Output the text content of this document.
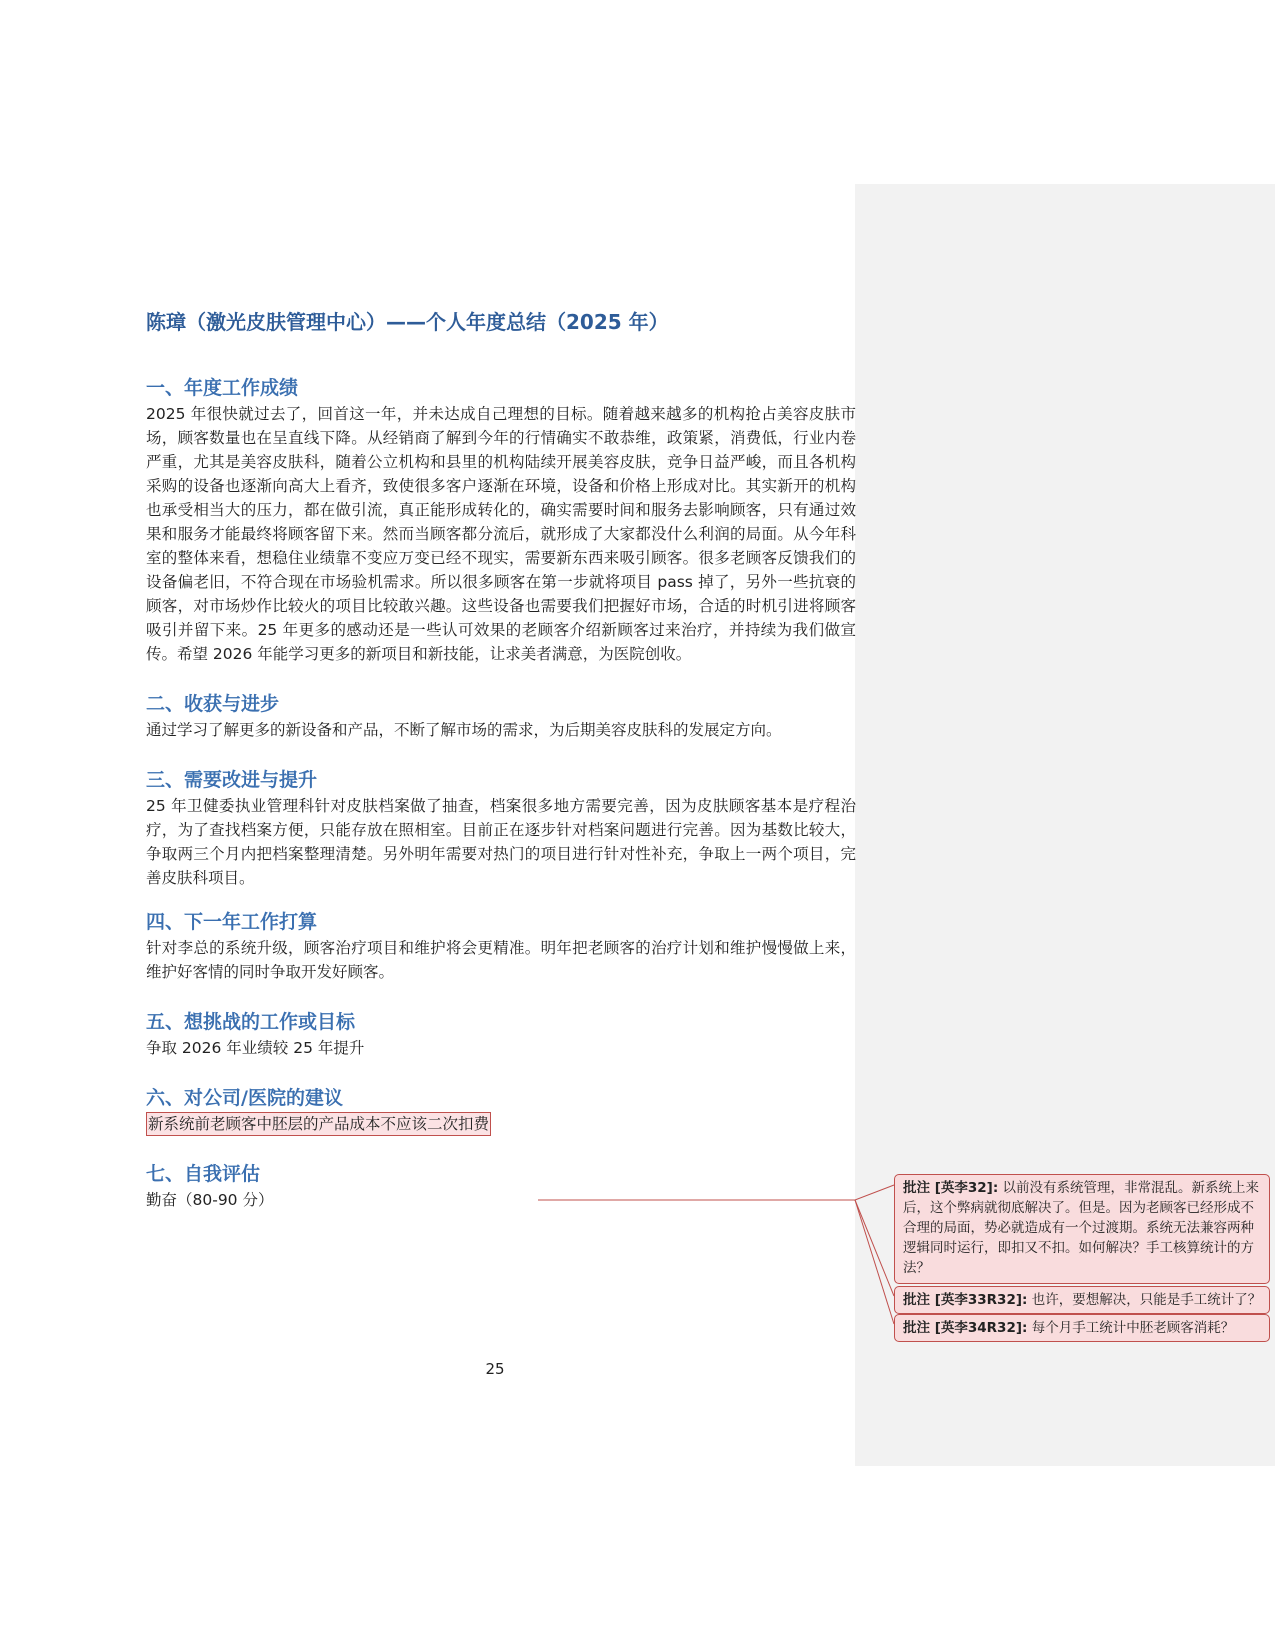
陈璋（激光皮肤管理中心）——个人年度总结（2025 年）
一、年度工作成绩

2025 年很快就过去了，回首这一年，并未达成自己理想的目标。随着越来越多的机构抢占美容皮肤市场，顾客数量也在呈直线下降。从经销商了解到今年的行情确实不敢恭维，政策紧，消费低，行业内卷严重，尤其是美容皮肤科，随着公立机构和县里的机构陆续开展美容皮肤，竞争日益严峻，而且各机构采购的设备也逐渐向高大上看齐，致使很多客户逐渐在环境，设备和价格上形成对比。其实新开的机构也承受相当大的压力，都在做引流，真正能形成转化的，确实需要时间和服务去影响顾客，只有通过效果和服务才能最终将顾客留下来。然而当顾客都分流后，就形成了大家都没什么利润的局面。从今年科室的整体来看，想稳住业绩靠不变应万变已经不现实，需要新东西来吸引顾客。很多老顾客反馈我们的设备偏老旧，不符合现在市场验机需求。所以很多顾客在第一步就将项目 pass 掉了，另外一些抗衰的顾客，对市场炒作比较火的项目比较敢兴趣。这些设备也需要我们把握好市场，合适的时机引进将顾客吸引并留下来。25 年更多的感动还是一些认可效果的老顾客介绍新顾客过来治疗，并持续为我们做宣传。希望 2026 年能学习更多的新项目和新技能，让求美者满意，为医院创收。

二、收获与进步

通过学习了解更多的新设备和产品，不断了解市场的需求，为后期美容皮肤科的发展定方向。

三、需要改进与提升

25 年卫健委执业管理科针对皮肤档案做了抽查，档案很多地方需要完善，因为皮肤顾客基本是疗程治疗，为了查找档案方便，只能存放在照相室。目前正在逐步针对档案问题进行完善。因为基数比较大，争取两三个月内把档案整理清楚。另外明年需要对热门的项目进行针对性补充，争取上一两个项目，完善皮肤科项目。

四、下一年工作打算

针对李总的系统升级，顾客治疗项目和维护将会更精准。明年把老顾客的治疗计划和维护慢慢做上来，维护好客情的同时争取开发好顾客。

五、想挑战的工作或目标

争取 2026 年业绩较 25 年提升

六、对公司/医院的建议

新系统前老顾客中胚层的产品成本不应该二次扣费

七、自我评估

勤奋（80-90 分）

25
批注 [英李32]: 以前没有系统管理，非常混乱。新系统上来后，这个弊病就彻底解决了。但是。因为老顾客已经形成不合理的局面，势必就造成有一个过渡期。系统无法兼容两种逻辑同时运行，即扣又不扣。如何解决？手工核算统计的方法？
批注 [英李33R32]: 也许，要想解决，只能是手工统计了？
批注 [英李34R32]: 每个月手工统计中胚老顾客消耗？
